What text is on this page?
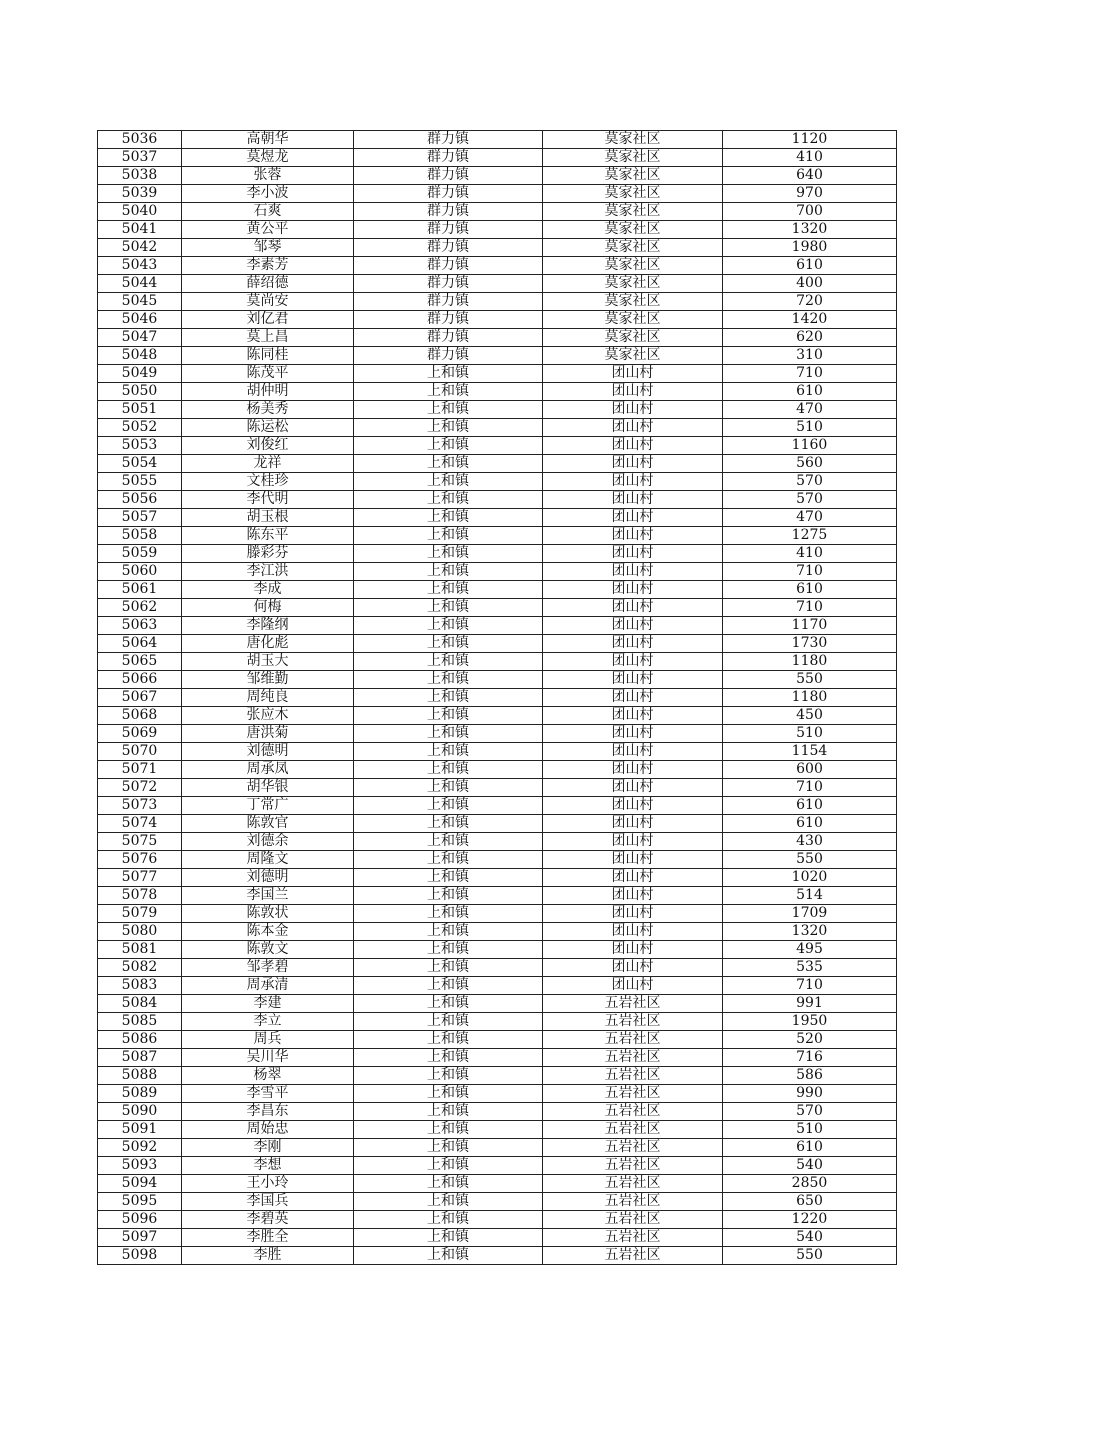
5036	高朝华	群力镇	莫家社区	1120
5037	莫煜龙	群力镇	莫家社区	410
5038	张蓉	群力镇	莫家社区	640
5039	李小波	群力镇	莫家社区	970
5040	石爽	群力镇	莫家社区	700
5041	黄公平	群力镇	莫家社区	1320
5042	邹琴	群力镇	莫家社区	1980
5043	李素芳	群力镇	莫家社区	610
5044	薛绍德	群力镇	莫家社区	400
5045	莫尚安	群力镇	莫家社区	720
5046	刘亿君	群力镇	莫家社区	1420
5047	莫上昌	群力镇	莫家社区	620
5048	陈同桂	群力镇	莫家社区	310
5049	陈茂平	上和镇	团山村	710
5050	胡仲明	上和镇	团山村	610
5051	杨美秀	上和镇	团山村	470
5052	陈运松	上和镇	团山村	510
5053	刘俊红	上和镇	团山村	1160
5054	龙祥	上和镇	团山村	560
5055	文桂珍	上和镇	团山村	570
5056	李代明	上和镇	团山村	570
5057	胡玉根	上和镇	团山村	470
5058	陈东平	上和镇	团山村	1275
5059	滕彩芬	上和镇	团山村	410
5060	李江洪	上和镇	团山村	710
5061	李成	上和镇	团山村	610
5062	何梅	上和镇	团山村	710
5063	李隆纲	上和镇	团山村	1170
5064	唐化彪	上和镇	团山村	1730
5065	胡玉大	上和镇	团山村	1180
5066	邹维勤	上和镇	团山村	550
5067	周纯良	上和镇	团山村	1180
5068	张应木	上和镇	团山村	450
5069	唐洪菊	上和镇	团山村	510
5070	刘德明	上和镇	团山村	1154
5071	周承凤	上和镇	团山村	600
5072	胡华银	上和镇	团山村	710
5073	丁常广	上和镇	团山村	610
5074	陈敦官	上和镇	团山村	610
5075	刘德余	上和镇	团山村	430
5076	周隆文	上和镇	团山村	550
5077	刘德明	上和镇	团山村	1020
5078	李国兰	上和镇	团山村	514
5079	陈敦状	上和镇	团山村	1709
5080	陈本金	上和镇	团山村	1320
5081	陈敦文	上和镇	团山村	495
5082	邹孝碧	上和镇	团山村	535
5083	周承清	上和镇	团山村	710
5084	李建	上和镇	五岩社区	991
5085	李立	上和镇	五岩社区	1950
5086	周兵	上和镇	五岩社区	520
5087	吴川华	上和镇	五岩社区	716
5088	杨翠	上和镇	五岩社区	586
5089	李雪平	上和镇	五岩社区	990
5090	李昌东	上和镇	五岩社区	570
5091	周始忠	上和镇	五岩社区	510
5092	李刚	上和镇	五岩社区	610
5093	李想	上和镇	五岩社区	540
5094	王小玲	上和镇	五岩社区	2850
5095	李国兵	上和镇	五岩社区	650
5096	李碧英	上和镇	五岩社区	1220
5097	李胜全	上和镇	五岩社区	540
5098	李胜	上和镇	五岩社区	550
